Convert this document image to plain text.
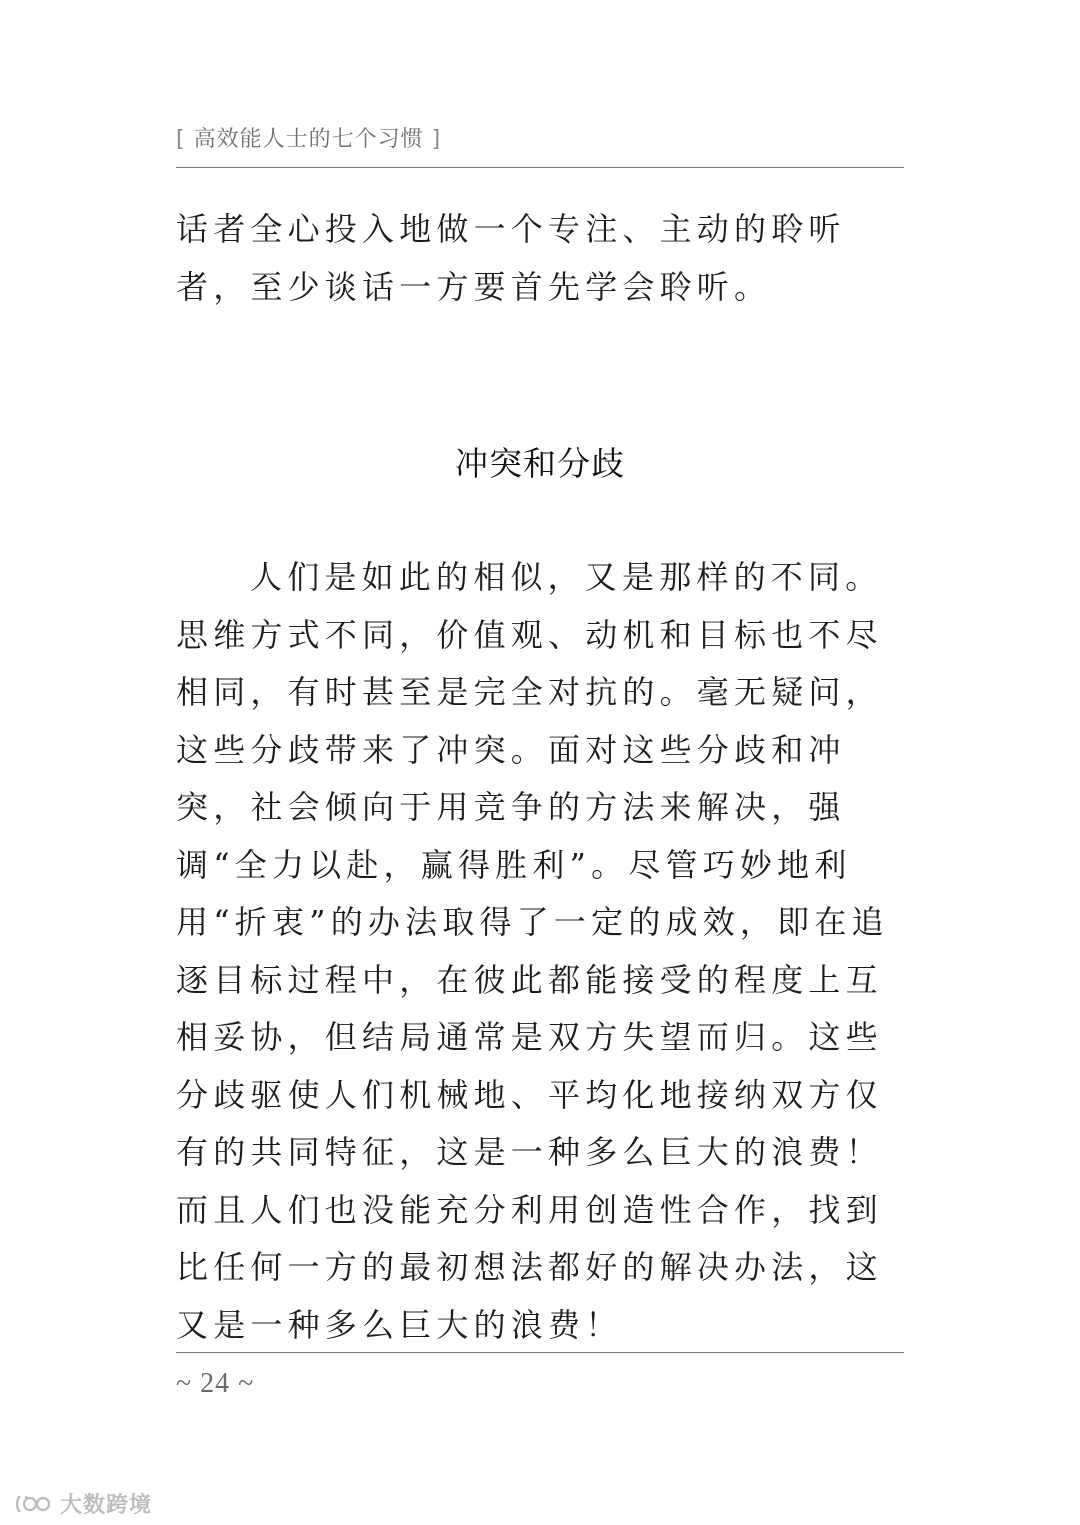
[ 高效能人士的七个习惯 ]

话者全心投入地做一个专注、主动的聆听者，至少谈话一方要首先学会聆听。

冲突和分歧

人们是如此的相似，又是那样的不同。思维方式不同，价值观、动机和目标也不尽相同，有时甚至是完全对抗的。毫无疑问，这些分歧带来了冲突。面对这些分歧和冲突，社会倾向于用竞争的方法来解决，强调“全力以赴，赢得胜利”。尽管巧妙地利用“折衷”的办法取得了一定的成效，即在追逐目标过程中，在彼此都能接受的程度上互相妥协，但结局通常是双方失望而归。这些分歧驱使人们机械地、平均化地接纳双方仅有的共同特征，这是一种多么巨大的浪费！而且人们也没能充分利用创造性合作，找到比任何一方的最初想法都好的解决办法，这又是一种多么巨大的浪费！

~ 24 ~
大数跨境
